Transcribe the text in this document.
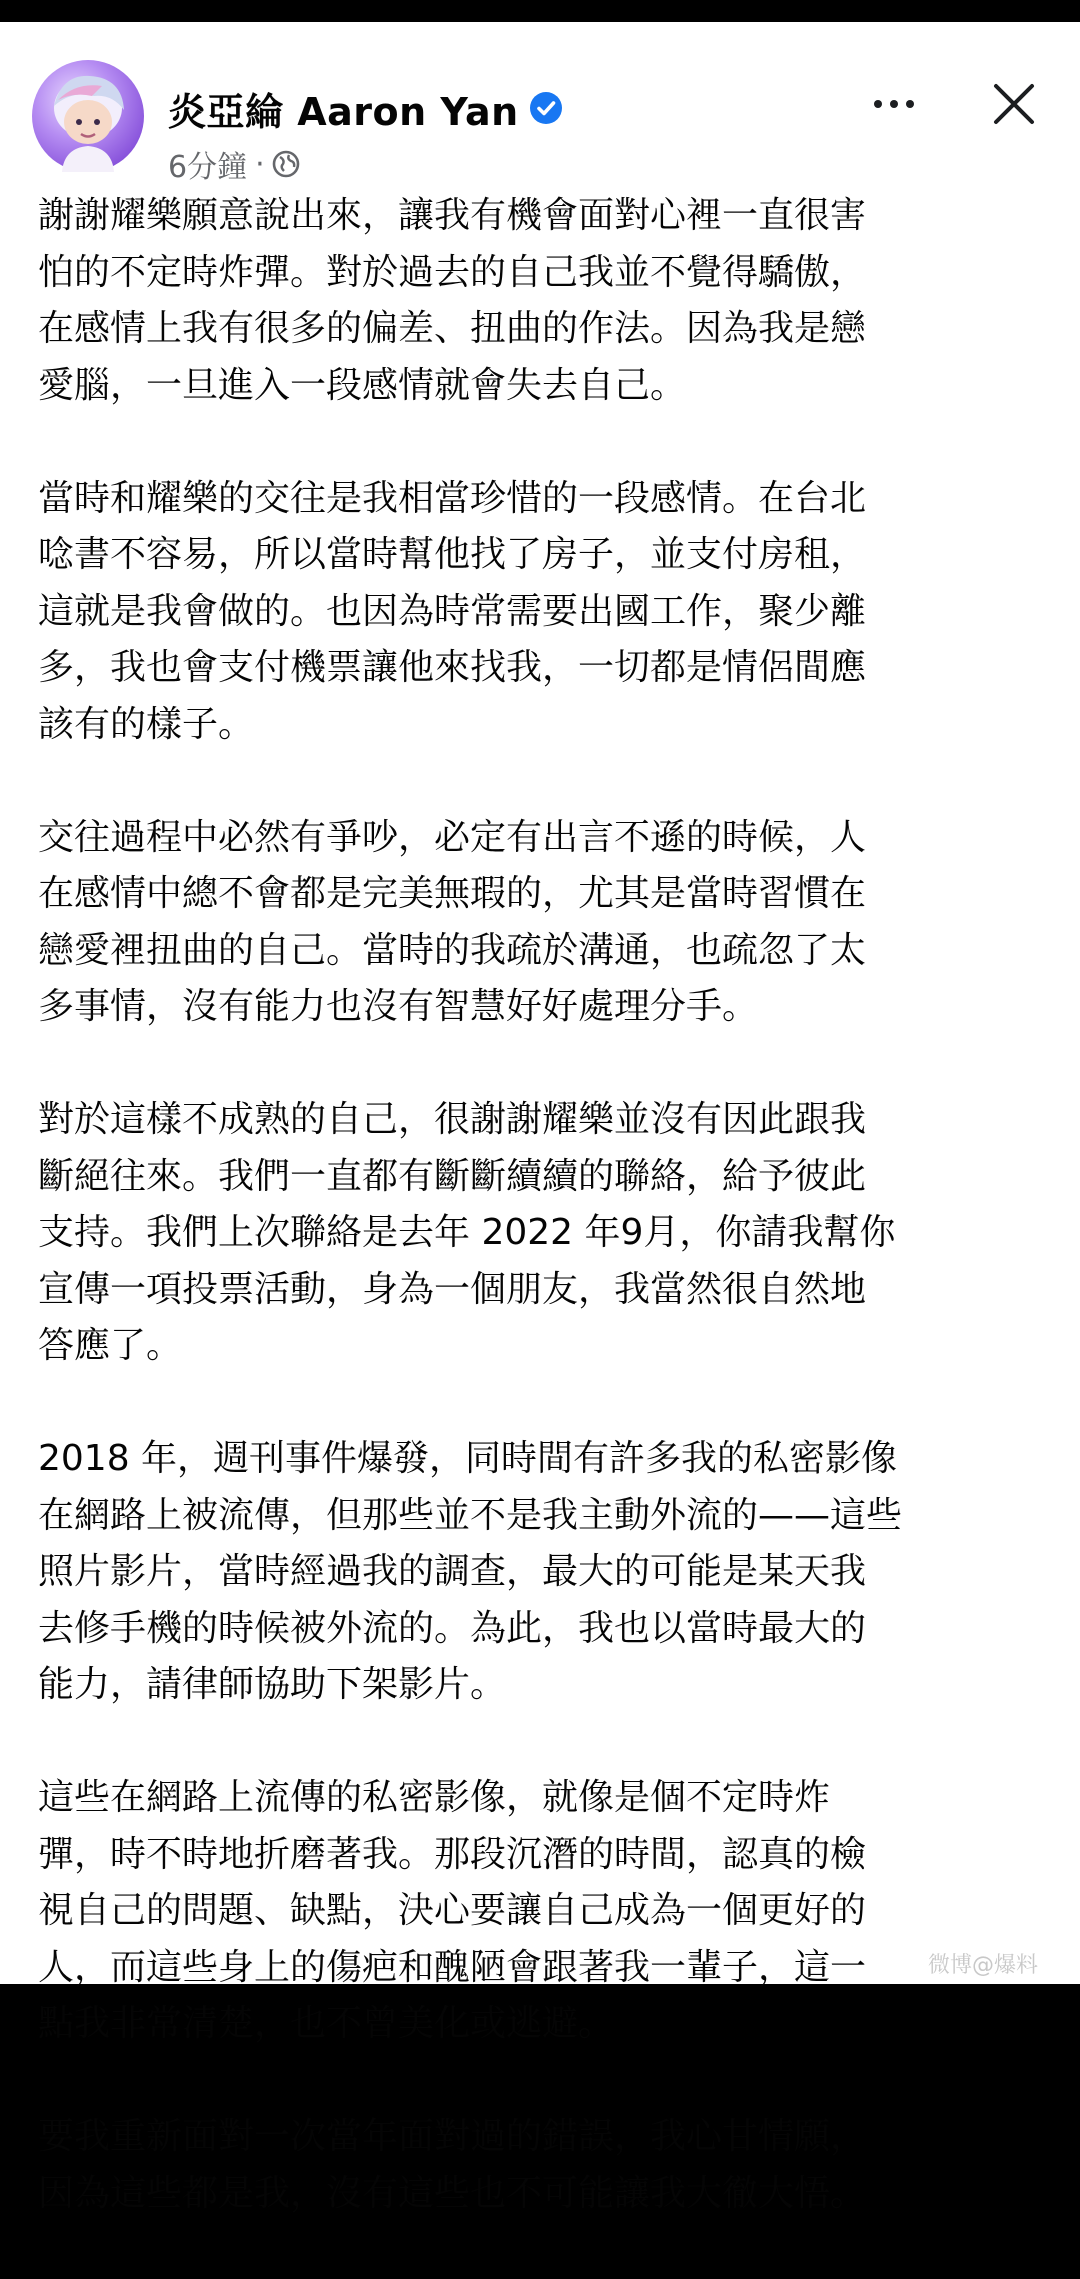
炎亞綸 Aaron Yan
6分鐘 ·
謝謝耀樂願意說出來，讓我有機會面對心裡一直很害
怕的不定時炸彈。對於過去的自己我並不覺得驕傲，
在感情上我有很多的偏差、扭曲的作法。因為我是戀
愛腦，一旦進入一段感情就會失去自己。
當時和耀樂的交往是我相當珍惜的一段感情。在台北
唸書不容易，所以當時幫他找了房子，並支付房租，
這就是我會做的。也因為時常需要出國工作，聚少離
多，我也會支付機票讓他來找我，一切都是情侶間應
該有的樣子。
交往過程中必然有爭吵，必定有出言不遜的時候，人
在感情中總不會都是完美無瑕的，尤其是當時習慣在
戀愛裡扭曲的自己。當時的我疏於溝通，也疏忽了太
多事情，沒有能力也沒有智慧好好處理分手。
對於這樣不成熟的自己，很謝謝耀樂並沒有因此跟我
斷絕往來。我們一直都有斷斷續續的聯絡，給予彼此
支持。我們上次聯絡是去年 2022 年9月，你請我幫你
宣傳一項投票活動，身為一個朋友，我當然很自然地
答應了。
2018 年，週刊事件爆發，同時間有許多我的私密影像
在網路上被流傳，但那些並不是我主動外流的——這些
照片影片，當時經過我的調查，最大的可能是某天我
去修手機的時候被外流的。為此，我也以當時最大的
能力，請律師協助下架影片。
這些在網路上流傳的私密影像，就像是個不定時炸
彈，時不時地折磨著我。那段沉潛的時間，認真的檢
視自己的問題、缺點，決心要讓自己成為一個更好的
人，而這些身上的傷疤和醜陋會跟著我一輩子，這一
點我非常清楚，也不曾美化或逃避。
要我重新面對一次當年面對過的錯誤，我心甘情願，
因為這些都是我，沒有這些也不可能讓我大徹大悟。
微博@爆料
